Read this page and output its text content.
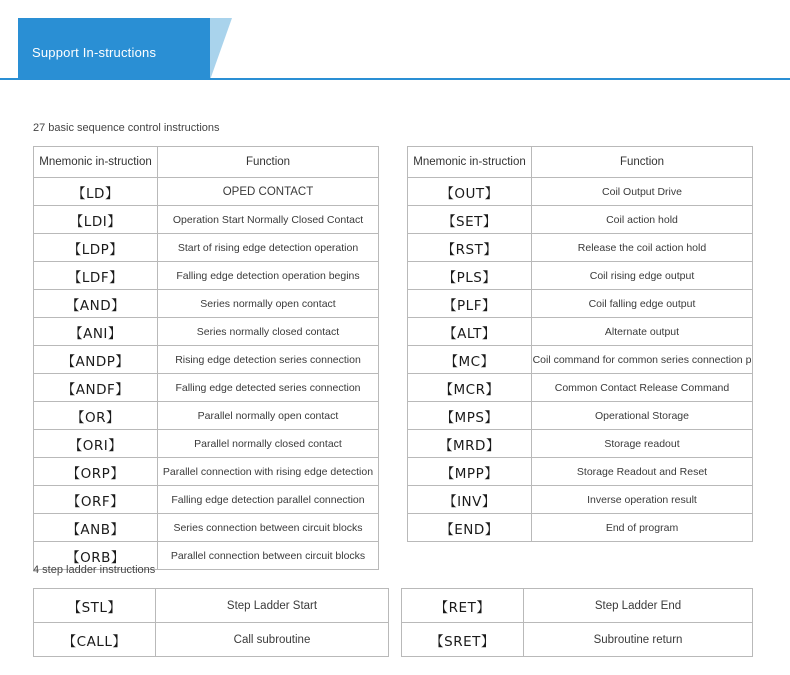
Support In-structions
27 basic sequence control instructions
Mnemonic in-struction	Function
【LD】	OPED CONTACT
【LDI】	Operation Start Normally Closed Contact
【LDP】	Start of rising edge detection operation
【LDF】	Falling edge detection operation begins
【AND】	Series normally open contact
【ANI】	Series normally closed contact
【ANDP】	Rising edge detection series connection
【ANDF】	Falling edge detected series connection
【OR】	Parallel normally open contact
【ORI】	Parallel normally closed contact
【ORP】	Parallel connection with rising edge detection
【ORF】	Falling edge detection parallel connection
【ANB】	Series connection between circuit blocks
【ORB】	Parallel connection between circuit blocks
Mnemonic in-struction	Function
【OUT】	Coil Output Drive
【SET】	Coil action hold
【RST】	Release the coil action hold
【PLS】	Coil rising edge output
【PLF】	Coil falling edge output
【ALT】	Alternate output
【MC】	Coil command for common series connection p
【MCR】	Common Contact Release Command
【MPS】	Operational Storage
【MRD】	Storage readout
【MPP】	Storage Readout and Reset
【INV】	Inverse operation result
【END】	End of program
4 step ladder instructions
【STL】	Step Ladder Start
【CALL】	Call subroutine
【RET】	Step Ladder End
【SRET】	Subroutine return
